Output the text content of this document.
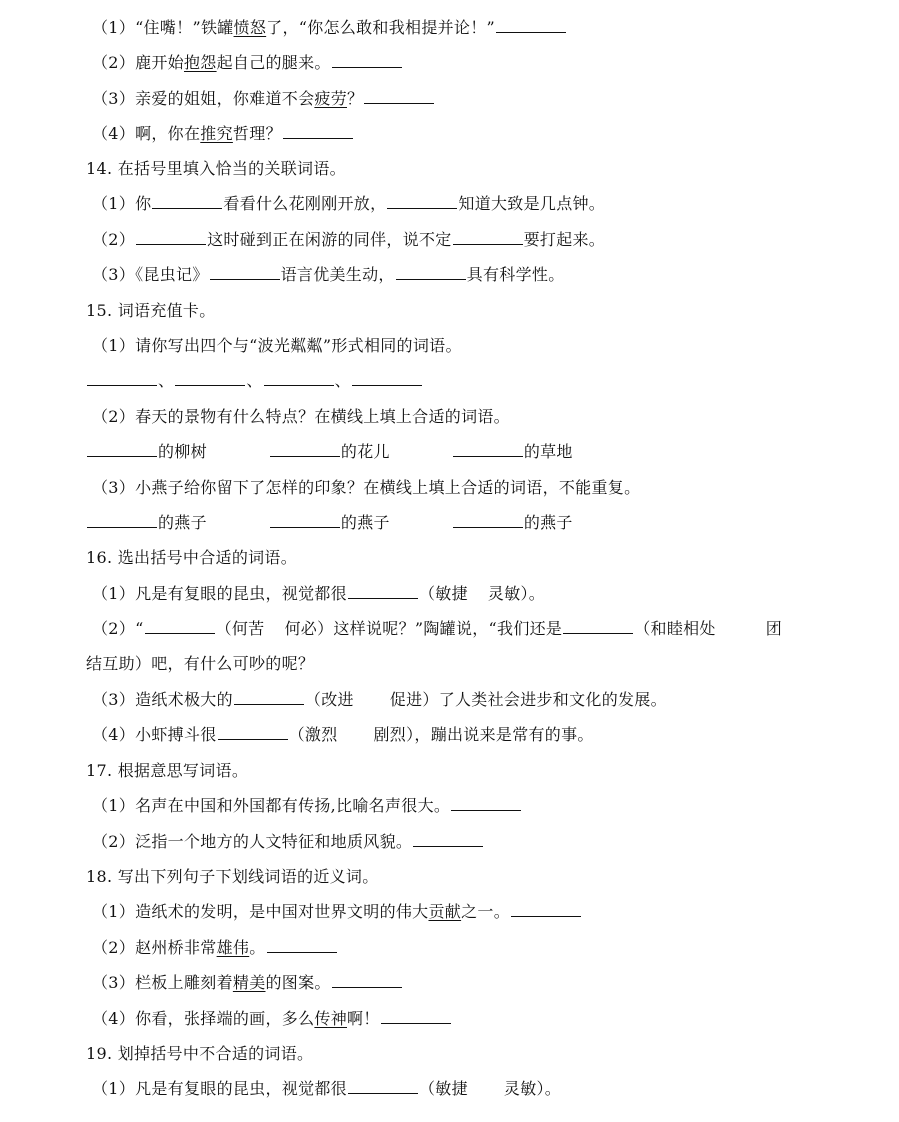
（1）“住嘴！”铁罐愤怒了，“你怎么敢和我相提并论！”
（2）鹿开始抱怨起自己的腿来。
（3）亲爱的姐姐，你难道不会疲劳？
（4）啊，你在推究哲理？
14. 在括号里填入恰当的关联词语。
（1）你	看看什么花刚刚开放，	知道大致是几点钟。
（2）	这时碰到正在闲游的同伴，说不定	要打起来。
（3）《昆虫记》	语言优美生动，	具有科学性。
15. 词语充值卡。
（1）请你写出四个与“波光粼粼”形式相同的词语。
、	、	、
（2）春天的景物有什么特点？在横线上填上合适的词语。
的柳树	的花儿	的草地
（3）小燕子给你留下了怎样的印象？在横线上填上合适的词语，不能重复。
的燕子	的燕子	的燕子
16. 选出括号中合适的词语。
（1）凡是有复眼的昆虫，视觉都很	（敏捷 灵敏）。
（2）“	（何苦 何必）这样说呢？”陶罐说，“我们还是	（和睦相处	团
结互助）吧，有什么可吵的呢？
（3）造纸术极大的	（改进 促进）了人类社会进步和文化的发展。
（4）小虾搏斗很	（激烈 剧烈），蹦出说来是常有的事。
17. 根据意思写词语。
（1）名声在中国和外国都有传扬,比喻名声很大。
（2）泛指一个地方的人文特征和地质风貌。
18. 写出下列句子下划线词语的近义词。
（1）造纸术的发明，是中国对世界文明的伟大贡献之一。
（2）赵州桥非常雄伟。
（3）栏板上雕刻着精美的图案。
（4）你看，张择端的画，多么传神啊！
19. 划掉括号中不合适的词语。
（1）凡是有复眼的昆虫，视觉都很	（敏捷 灵敏）。
